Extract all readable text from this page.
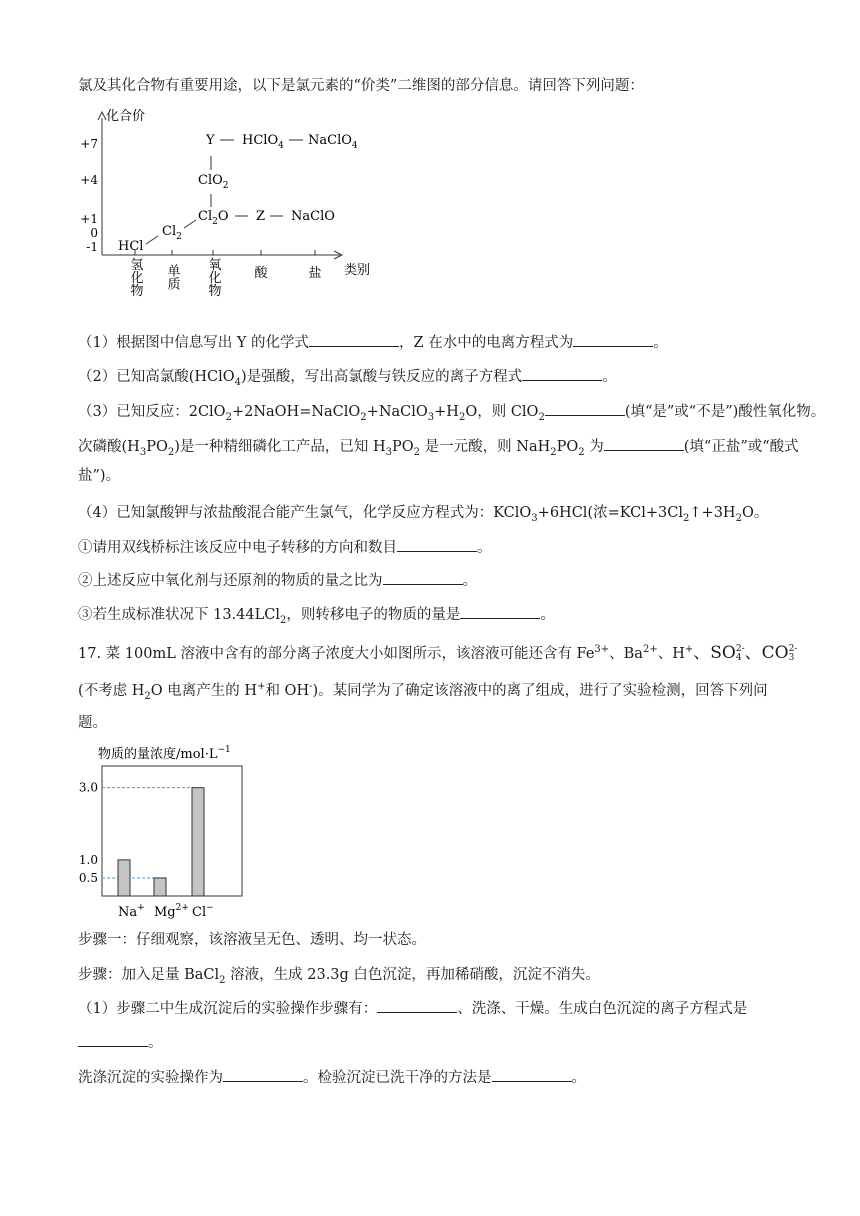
氯及其化合物有重要用途，以下是氯元素的“价类”二维图的部分信息。请回答下列问题：
化合价
类别
+7
+4
+1
0
-1
氢化物 单质 氧化物	酸	盐
HCl
$Cl_2$
$Cl_2O$ Z NaClO
ClO$_2$
Y HClO$_4$ NaClO$_4$
（1）根据图中信息写出 Y 的化学式	，Z 在水中的电离方程式为	。
（2）已知高氯酸(HClO$_4$)是强酸，写出高氯酸与铁反应的离子方程式	。
（3）已知反应：$2ClO_2+2NaOH=NaClO_2+NaClO_3+H_2O$，则 ClO$_2$	(填“是”或“不是”)酸性氧化物。
次磷酸$(H_3PO_2)$是一种精细磷化工产品，已知 $H_3PO_2$ 是一元酸，则 $NaH_2PO_2$ 为	(填“正盐”或“酸式
盐”)。
（4）已知氯酸钾与浓盐酸混合能产生氯气，化学反应方程式为：KClO$_3$+6HCl(浓$=KCl+3Cl_2↑+3H_2O$。
①请用双线桥标注该反应中电子转移的方向和数目	。
②上述反应中氧化剂与还原剂的物质的量之比为	。
③若生成标准状况下 13.44LCl$_2$，则转移电子的物质的量是	。
17. 菜 100mL 溶液中含有的部分离子浓度大小如图所示，该溶液可能还含有 $Fe^{3+}$、$Ba^{2+}$、H+、SO2-
4 、CO2-
3
(不考虑 $H_2O$ 电离产生的 H+和 OH-)。某同学为了确定该溶液中的离了组成，进行了实验检测，回答下列问
题。
物质的量浓度$/mol\cdot L^{-1}$
3.0
1.0
0.5
Na+ $Mg^{2+}$ Cl−
步骤一：仔细观察，该溶液呈无色、透明、均一状态。
步骤：加入足量 BaCl$_2$ 溶液，生成 23.3g 白色沉淀，再加稀硝酸，沉淀不消失。
（1）步骤二中生成沉淀后的实验操作步骤有：	、洗涤、干燥。生成白色沉淀的离子方程式是
。
洗涤沉淀的实验操作为	。检验沉淀已洗干净的方法是	。
